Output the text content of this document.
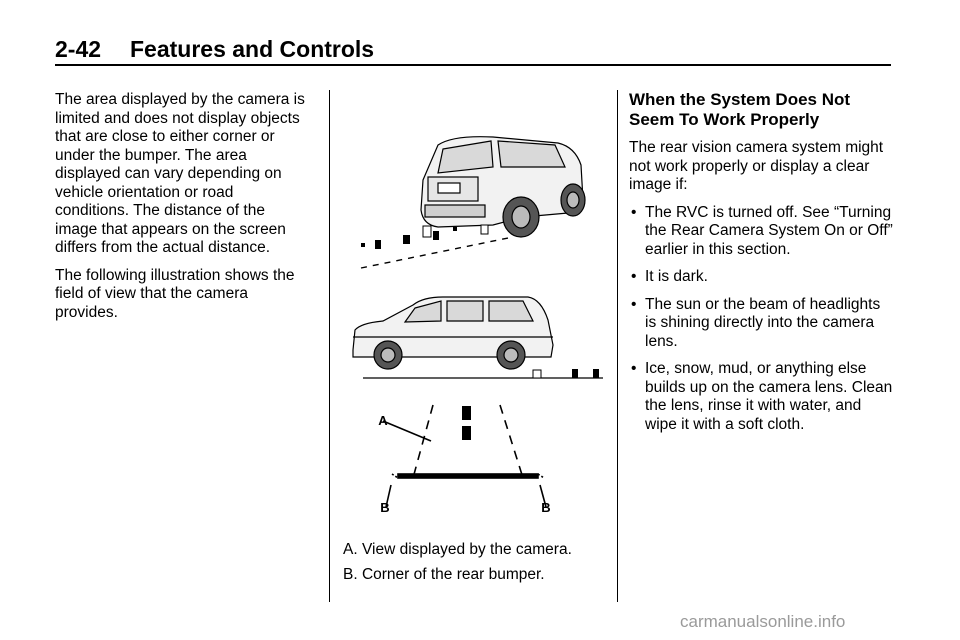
2-42 Features and Controls

The area displayed by the camera is limited and does not display objects that are close to either corner or under the bumper. The area displayed can vary depending on vehicle orientation or road conditions. The distance of the image that appears on the screen differs from the actual distance.

The following illustration shows the field of view that the camera provides.

A
B	B

A. View displayed by the camera.

B. Corner of the rear bumper.

When the System Does Not Seem To Work Properly

The rear vision camera system might not work properly or display a clear image if:

• The RVC is turned off. See “Turning the Rear Camera System On or Off” earlier in this section.
• It is dark.
• The sun or the beam of headlights is shining directly into the camera lens.
• Ice, snow, mud, or anything else builds up on the camera lens. Clean the lens, rinse it with water, and wipe it with a soft cloth.
carmanualsonline.info
